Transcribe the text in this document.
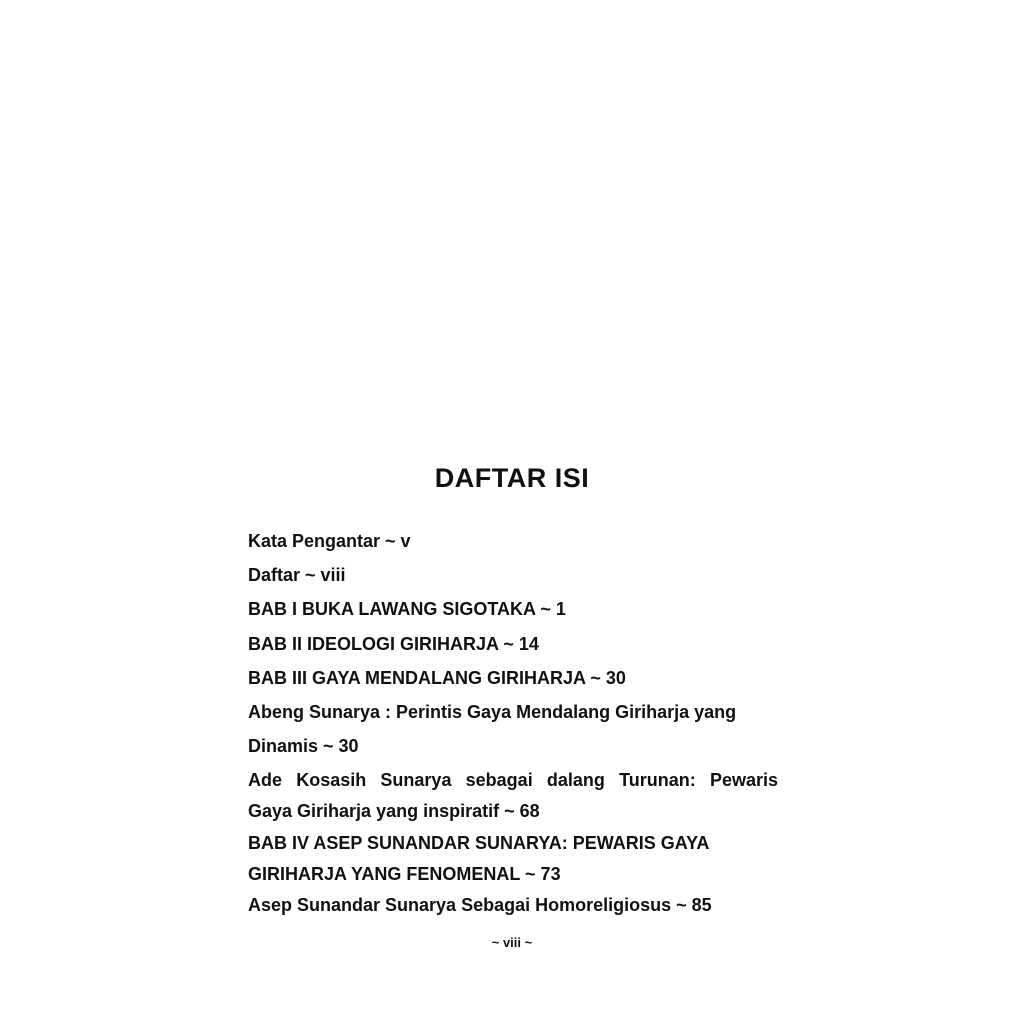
DAFTAR ISI
Kata Pengantar ~ v
Daftar ~ viii
BAB I BUKA LAWANG SIGOTAKA ~ 1
BAB II IDEOLOGI GIRIHARJA ~ 14
BAB III GAYA MENDALANG GIRIHARJA ~ 30
Abeng Sunarya : Perintis Gaya Mendalang Giriharja yang
Dinamis ~ 30
Ade Kosasih Sunarya sebagai dalang Turunan: Pewaris
Gaya Giriharja yang inspiratif ~ 68
BAB IV ASEP SUNANDAR SUNARYA: PEWARIS GAYA
GIRIHARJA YANG FENOMENAL ~ 73
Asep Sunandar Sunarya Sebagai Homoreligiosus ~ 85
~ viii ~
